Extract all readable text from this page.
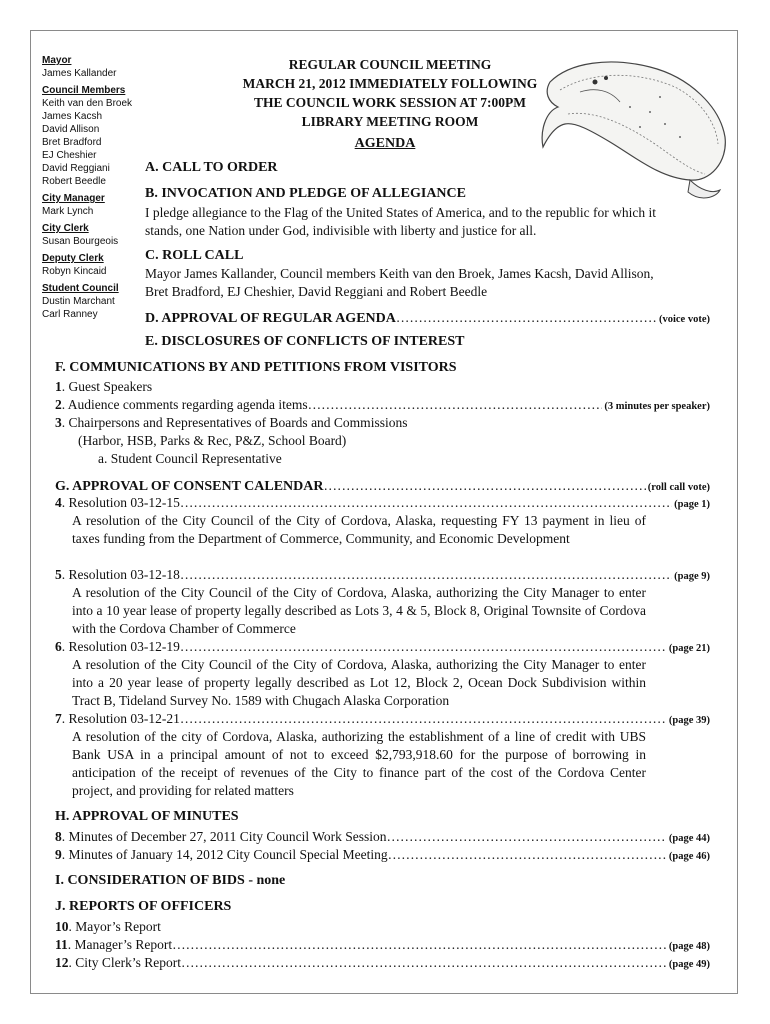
Mayor
James Kallander
Council Members
Keith van den Broek
James Kacsh
David Allison
Bret Bradford
EJ Cheshier
David Reggiani
Robert Beedle
City Manager
Mark Lynch
City Clerk
Susan Bourgeois
Deputy Clerk
Robyn Kincaid
Student Council
Dustin Marchant
Carl Ranney
REGULAR COUNCIL MEETING
MARCH 21, 2012 IMMEDIATELY FOLLOWING
THE COUNCIL WORK SESSION AT 7:00PM
LIBRARY MEETING ROOM
AGENDA
A. CALL TO ORDER
B. INVOCATION AND PLEDGE OF ALLEGIANCE
I pledge allegiance to the Flag of the United States of America, and to the republic for which it stands, one Nation under God, indivisible with liberty and justice for all.
C. ROLL CALL
Mayor James Kallander, Council members Keith van den Broek, James Kacsh, David Allison, Bret Bradford, EJ Cheshier, David Reggiani and Robert Beedle
D. APPROVAL OF REGULAR AGENDA …………………………………………………………………………………………………………………………………………………………………………………………………………………………	(voice vote)
E. DISCLOSURES OF CONFLICTS OF INTEREST
F. COMMUNICATIONS BY AND PETITIONS FROM VISITORS
1. Guest Speakers
2. Audience comments regarding agenda items …………………………………………………………………………………………………………………………………………………………………………………………………………………………	(3 minutes per speaker)
3. Chairpersons and Representatives of Boards and Commissions
(Harbor, HSB, Parks & Rec, P&Z, School Board)
a. Student Council Representative
G. APPROVAL OF CONSENT CALENDAR …………………………………………………………………………………………………………………………………………………………………………………………………………………………	(roll call vote)
4. Resolution 03-12-15 …………………………………………………………………………………………………………………………………………………………………………………………………………………………	(page 1)
A resolution of the City Council of the City of Cordova, Alaska, requesting FY 13 payment in lieu of taxes funding from the Department of Commerce, Community, and Economic Development
5. Resolution 03-12-18 …………………………………………………………………………………………………………………………………………………………………………………………………………………………	(page 9)
A resolution of the City Council of the City of Cordova, Alaska, authorizing the City Manager to enter into a 10 year lease of property legally described as Lots 3, 4 & 5, Block 8, Original Townsite of Cordova with the Cordova Chamber of Commerce
6. Resolution 03-12-19 …………………………………………………………………………………………………………………………………………………………………………………………………………………………	(page 21)
A resolution of the City Council of the City of Cordova, Alaska, authorizing the City Manager to enter into a 20 year lease of property legally described as Lot 12, Block 2, Ocean Dock Subdivision within Tract B, Tideland Survey No. 1589 with Chugach Alaska Corporation
7. Resolution 03-12-21 …………………………………………………………………………………………………………………………………………………………………………………………………………………………	(page 39)
A resolution of the city of Cordova, Alaska, authorizing the establishment of a line of credit with UBS Bank USA in a principal amount of not to exceed $2,793,918.60 for the purpose of borrowing in anticipation of the receipt of revenues of the City to finance part of the cost of the Cordova Center project, and providing for related matters
H. APPROVAL OF MINUTES
8. Minutes of December 27, 2011 City Council Work Session …………………………………………………………………………………………………………………………………………………………………………………………………………………………	(page 44)
9. Minutes of January 14, 2012 City Council Special Meeting …………………………………………………………………………………………………………………………………………………………………………………………………………………………	(page 46)
I. CONSIDERATION OF BIDS - none
J. REPORTS OF OFFICERS
10. Mayor’s Report
11. Manager’s Report …………………………………………………………………………………………………………………………………………………………………………………………………………………………	(page 48)
12. City Clerk’s Report …………………………………………………………………………………………………………………………………………………………………………………………………………………………	(page 49)
